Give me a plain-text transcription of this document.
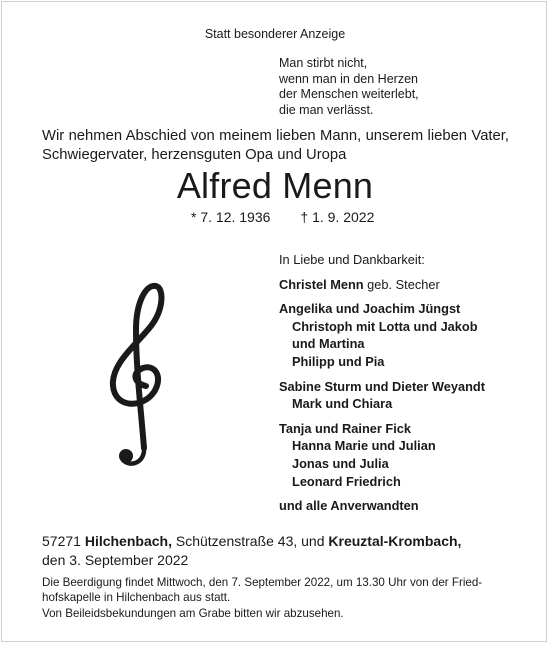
Statt besonderer Anzeige
Man stirbt nicht,
wenn man in den Herzen
der Menschen weiterlebt,
die man verlässt.
Wir nehmen Abschied von meinem lieben Mann, unserem lieben Vater,
Schwiegervater, herzensguten Opa und Uropa
Alfred Menn
* 7. 12. 1936 † 1. 9. 2022
In Liebe und Dankbarkeit:
Christel Menn geb. Stecher
Angelika und Joachim Jüngst
Christoph mit Lotta und Jakob
und Martina
Philipp und Pia
Sabine Sturm und Dieter Weyandt
Mark und Chiara
Tanja und Rainer Fick
Hanna Marie und Julian
Jonas und Julia
Leonard Friedrich
und alle Anverwandten
57271 Hilchenbach, Schützenstraße 43, und Kreuztal-Krombach,
den 3. September 2022
Die Beerdigung findet Mittwoch, den 7. September 2022, um 13.30 Uhr von der Fried-
hofskapelle in Hilchenbach aus statt.
Von Beileidsbekundungen am Grabe bitten wir abzusehen.
